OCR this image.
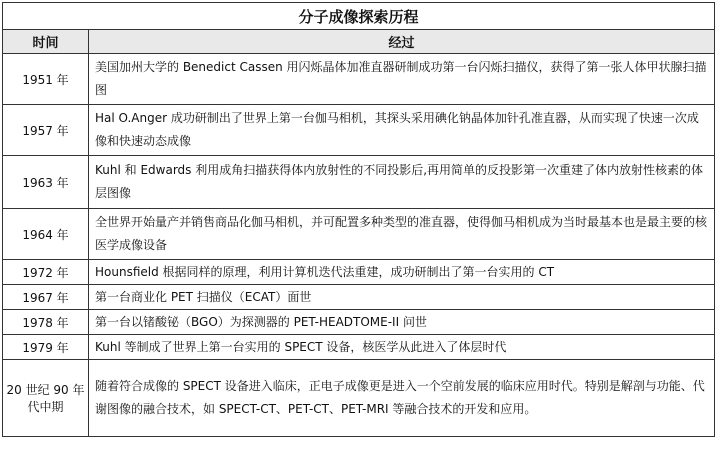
分子成像探索历程	
时间	经过
1951 年	美国加州大学的 Benedict Cassen 用闪烁晶体加准直器研制成功第一台闪烁扫描仪，获得了第一张人体甲状腺扫描图
1957 年	Hal O.Anger 成功研制出了世界上第一台伽马相机，其探头采用碘化钠晶体加针孔准直器，从而实现了快速一次成像和快速动态成像
1963 年	Kuhl 和 Edwards 利用成角扫描获得体内放射性的不同投影后,再用简单的反投影第一次重建了体内放射性核素的体层图像
1964 年	全世界开始量产并销售商品化伽马相机，并可配置多种类型的准直器，使得伽马相机成为当时最基本也是最主要的核医学成像设备
1972 年	Hounsfield 根据同样的原理，利用计算机迭代法重建，成功研制出了第一台实用的 CT
1967 年	第一台商业化 PET 扫描仪（ECAT）面世
1978 年	第一台以锗酸铋（BGO）为探测器的 PET-HEADTOME-II 问世
1979 年	Kuhl 等制成了世界上第一台实用的 SPECT 设备，核医学从此进入了体层时代
20 世纪 90 年代中期	随着符合成像的 SPECT 设备进入临床，正电子成像更是进入一个空前发展的临床应用时代。特别是解剖与功能、代谢图像的融合技术，如 SPECT-CT、PET-CT、PET-MRI 等融合技术的开发和应用。
